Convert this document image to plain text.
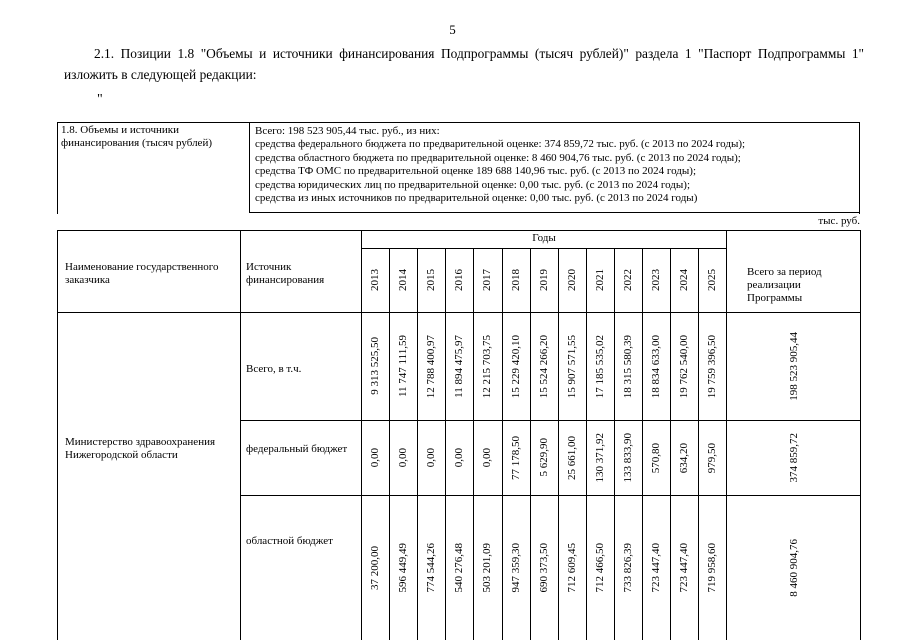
5
2.1. Позиции 1.8 "Объемы и источники финансирования Подпрограммы (тысяч рублей)" раздела 1 "Паспорт Подпрограммы 1" изложить в следующей редакции:
"
1.8. Объемы и источники финансирования (тысяч рублей)
Всего: 198 523 905,44 тыс. руб., из них:
средства федерального бюджета по предварительной оценке: 374 859,72 тыс. руб. (с 2013 по 2024 годы);
средства областного бюджета по предварительной оценке: 8 460 904,76 тыс. руб. (с 2013 по 2024 годы);
средства ТФ ОМС по предварительной оценке 189 688 140,96 тыс. руб. (с 2013 по 2024 годы);
средства юридических лиц по предварительной оценке: 0,00 тыс. руб. (с 2013 по 2024 годы);
средства из иных источников по предварительной оценке: 0,00 тыс. руб. (с 2013 по 2024 годы)
тыс. руб.
Наименование государственного заказчика
Источник финансирования
Годы
Всего за период реализации Программы
Министерство здравоохранения Нижегородской области
Всего, в т.ч.
федеральный бюджет
областной бюджет
2013
9 313 525,50
0,00
37 200,00
2014
11 747 111,59
0,00
596 449,49
2015
12 788 400,97
0,00
774 544,26
2016
11 894 475,97
0,00
540 276,48
2017
12 215 703,75
0,00
503 201,09
2018
15 229 420,10
77 178,50
947 359,30
2019
15 524 266,20
5 629,90
690 373,50
2020
15 907 571,55
25 661,00
712 609,45
2021
17 185 535,02
130 371,92
712 466,50
2022
18 315 580,39
133 833,90
733 826,39
2023
18 834 633,00
570,80
723 447,40
2024
19 762 540,00
634,20
723 447,40
2025
19 759 396,50
979,50
719 958,60
198 523 905,44
374 859,72
8 460 904,76
